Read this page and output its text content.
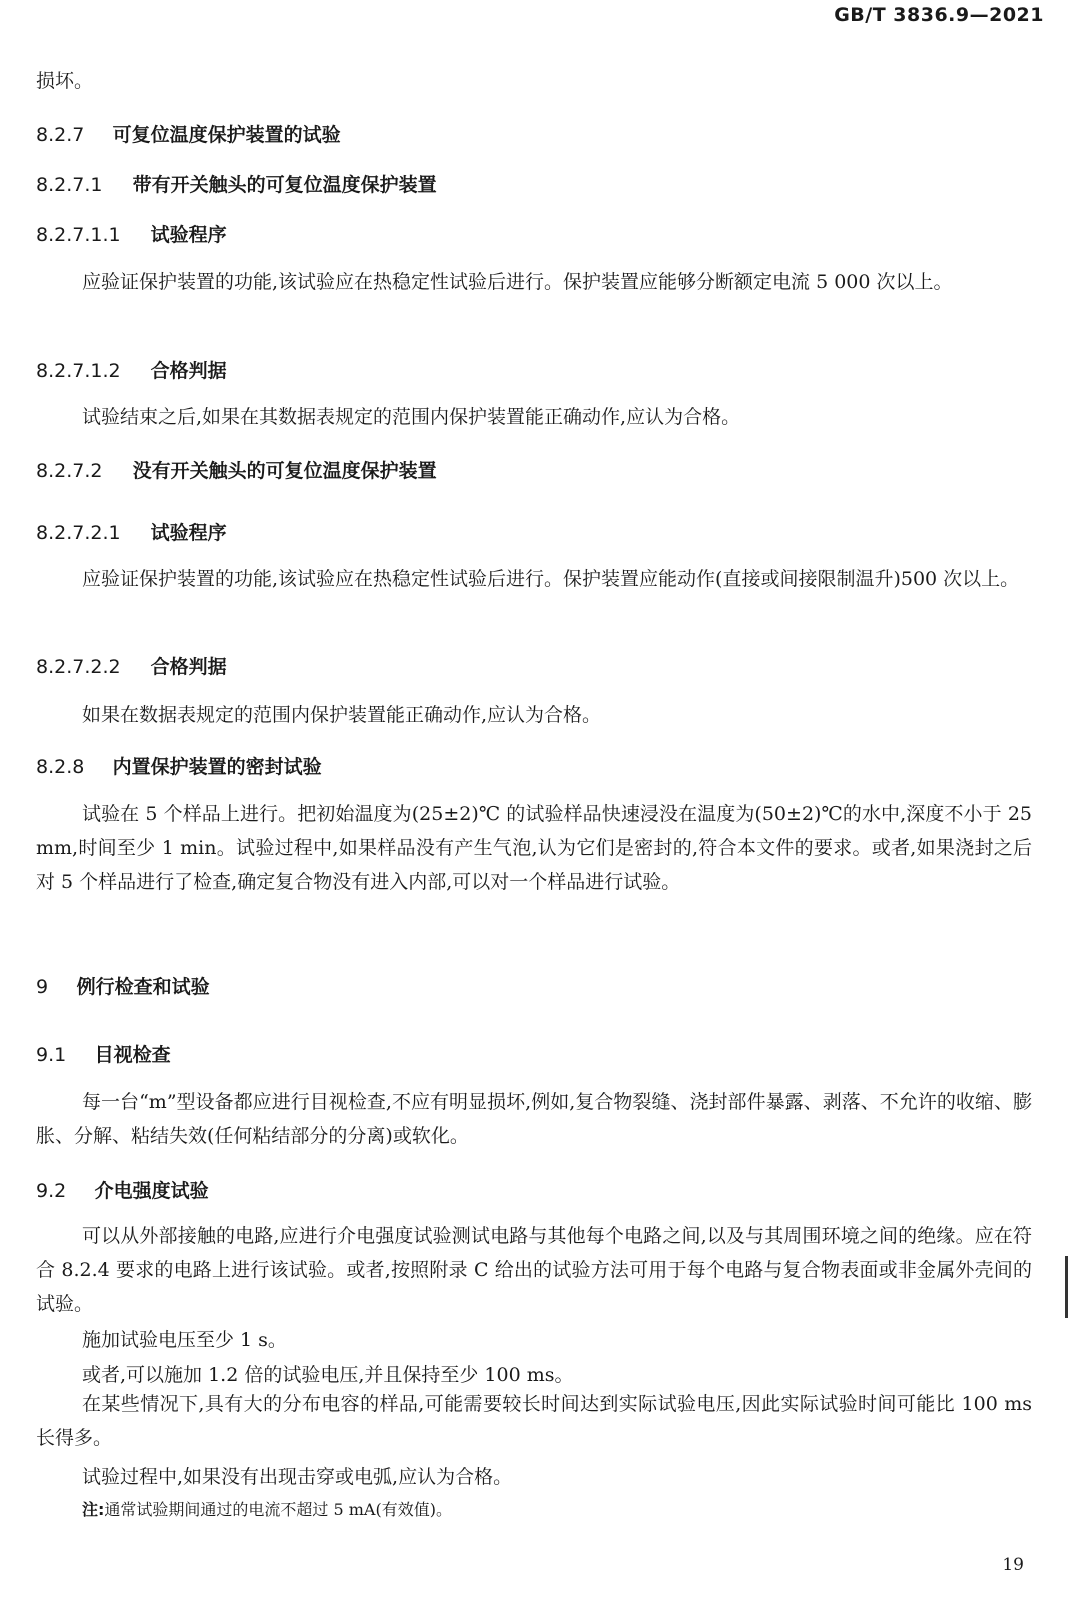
GB/T 3836.9—2021
损坏。
8.2.7 可复位温度保护装置的试验
8.2.7.1 带有开关触头的可复位温度保护装置
8.2.7.1.1 试验程序
应验证保护装置的功能,该试验应在热稳定性试验后进行。保护装置应能够分断额定电流 5 000 次以上。
8.2.7.1.2 合格判据
试验结束之后,如果在其数据表规定的范围内保护装置能正确动作,应认为合格。
8.2.7.2 没有开关触头的可复位温度保护装置
8.2.7.2.1 试验程序
应验证保护装置的功能,该试验应在热稳定性试验后进行。保护装置应能动作(直接或间接限制温升)500 次以上。
8.2.7.2.2 合格判据
如果在数据表规定的范围内保护装置能正确动作,应认为合格。
8.2.8 内置保护装置的密封试验
试验在 5 个样品上进行。把初始温度为(25±2)℃ 的试验样品快速浸没在温度为(50±2)℃的水中,深度不小于 25 mm,时间至少 1 min。试验过程中,如果样品没有产生气泡,认为它们是密封的,符合本文件的要求。或者,如果浇封之后对 5 个样品进行了检查,确定复合物没有进入内部,可以对一个样品进行试验。
9 例行检查和试验
9.1 目视检查
每一台“m”型设备都应进行目视检查,不应有明显损坏,例如,复合物裂缝、浇封部件暴露、剥落、不允许的收缩、膨胀、分解、粘结失效(任何粘结部分的分离)或软化。
9.2 介电强度试验
可以从外部接触的电路,应进行介电强度试验测试电路与其他每个电路之间,以及与其周围环境之间的绝缘。应在符合 8.2.4 要求的电路上进行该试验。或者,按照附录 C 给出的试验方法可用于每个电路与复合物表面或非金属外壳间的试验。
施加试验电压至少 1 s。
或者,可以施加 1.2 倍的试验电压,并且保持至少 100 ms。
在某些情况下,具有大的分布电容的样品,可能需要较长时间达到实际试验电压,因此实际试验时间可能比 100 ms 长得多。
试验过程中,如果没有出现击穿或电弧,应认为合格。
注:通常试验期间通过的电流不超过 5 mA(有效值)。
19
